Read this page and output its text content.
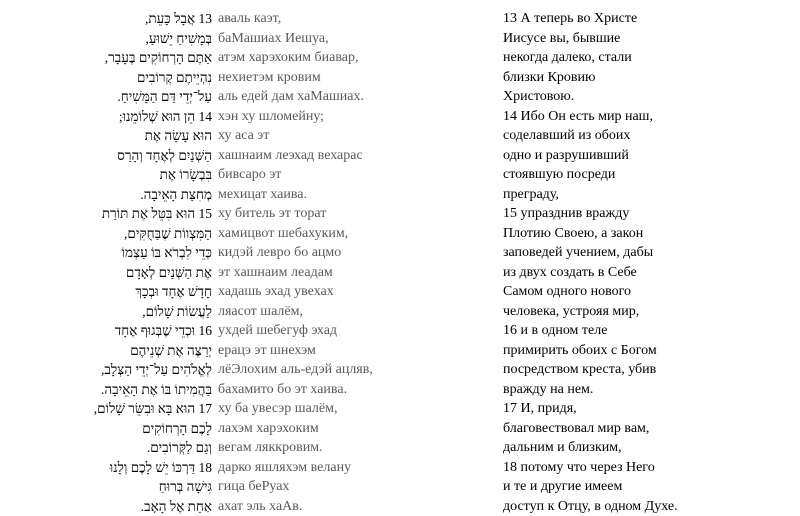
13 אֲבָל כָּעֵת,
בְּמָשִׁיחַ יֵשׁוּעַ,
אַתֶּם הָרְחוֹקִים בֶּעָבָר,
נִהְיֵיתֶם קְרוֹבִים
עַל־יְדֵי דַּם הַמָּשִׁיחַ.
14 הֵן הוּא שְׁלוֹמֵנוּ;
הוּא עָשָׂה אֶת
הַשְּׁנַיִם לְאֶחָד וְהָרַס
בִּבְשָׂרוֹ אֶת
מְחִצַּת הָאֵיבָה.
15 הוּא בִּטֵּל אֶת תּוֹרַת
הַמִּצְווֹת שֶׁבַּחֻקִּים,
כְּדֵי לִבְרֹא בּוֹ עַצְמוֹ
אֶת הַשְּׁנַיִם לְאָדָם
חָדָשׁ אֶחָד וּבְכָךְ
לַעֲשׂוֹת שָׁלוֹם,
16 וּכְדֵי שֶׁבְּגוּף אֶחָד
יְרַצֶּה אֶת שְׁנֵיהֶם
לְאֱלֹהִים עַל־יְדֵי הַצְּלָב,
בַּהֲמִיתוֹ בּוֹ אֶת הָאֵיבָה.
17 הוּא בָּא וּבִשֵּׂר שָׁלוֹם,
לָכֶם הָרְחוֹקִים
וְגַם לַקְּרוֹבִים.
18 דַּרְכּוֹ יֵשׁ לָכֶם וְלָנוּ
גִּישָׁה בְּרוּחַ
אַחַת אֶל הָאָב.
аваль каэт,
баМашиах Иешуа,
атэм харэхоким биавар,
нехиетэм кровим
аль едей дам хаМашиах.
хэн ху шломейну;
ху аса эт
хашнаим леэхад вехарас
бивсаро эт
мехицат хаива.
ху битель эт торат
хамицвот шебахуким,
кидэй левро бо ацмо
эт хашнаим леадам
хадашь эхад увехах
ляасот шалём,
ухдей шебегуф эхад
ерацэ эт шнехэм
лёЭлохим аль-едэй ацляв,
бахамито бо эт хаива.
ху ба увесэр шалём,
лахэм харэхоким
вегам ляккровим.
дарко яшляхэм велану
гица беРуах
ахат эль хаАв.
13 А теперь во Христе
Иисусе вы, бывшие
некогда далеко, стали
близки Кровию
Христовою.
14 Ибо Он есть мир наш,
соделавший из обоих
одно и разрушивший
стоявшую посреди
преграду,
15 упразднив вражду
Плотию Своею, а закон
заповедей учением, дабы
из двух создать в Себе
Самом одного нового
человека, устрояя мир,
16 и в одном теле
примирить обоих с Богом
посредством креста, убив
вражду на нем.
17 И, придя,
благовествовал мир вам,
дальним и близким,
18 потому что через Него
и те и другие имеем
доступ к Отцу, в одном Духе.
